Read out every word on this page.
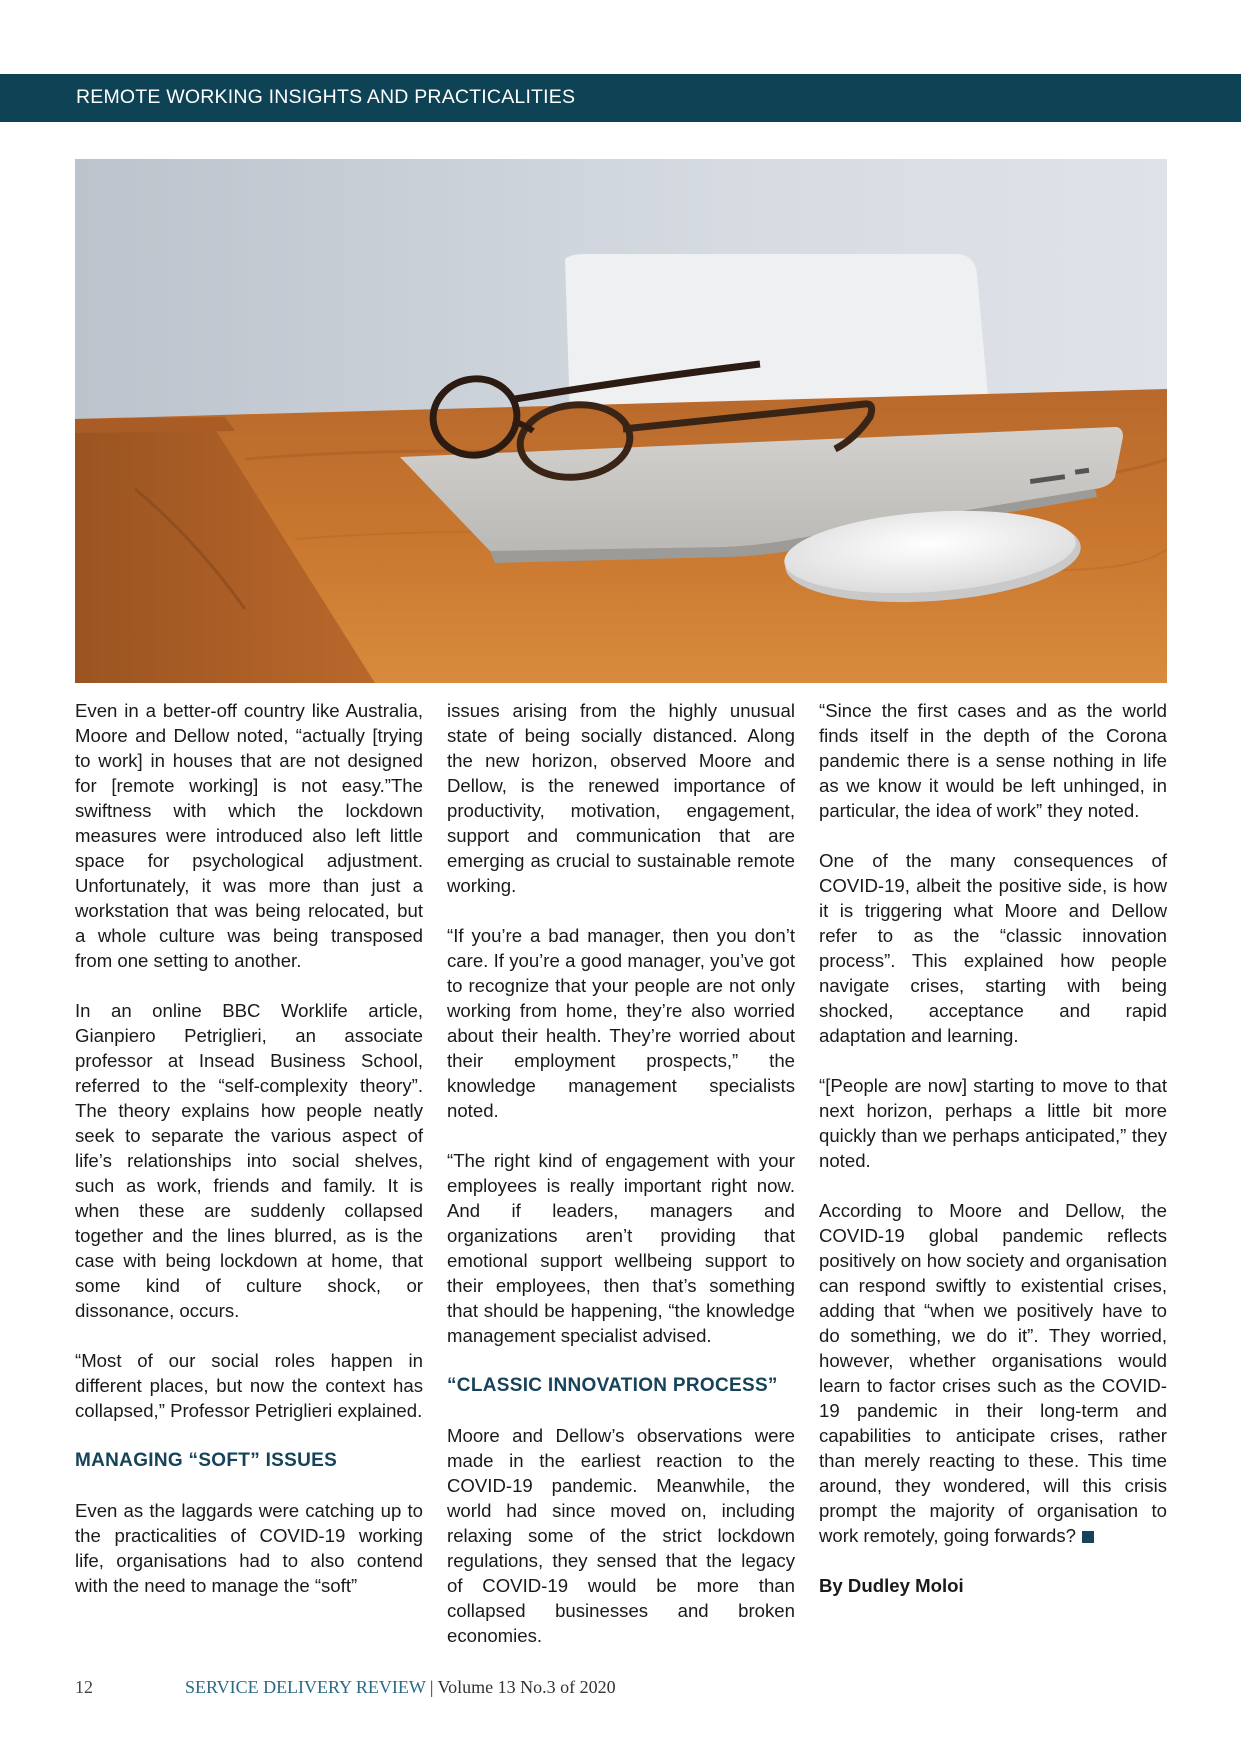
REMOTE WORKING INSIGHTS AND PRACTICALITIES

Even in a better-off country like Australia, Moore and Dellow noted, “actually [trying to work] in houses that are not designed for [remote working] is not easy.”The swiftness with which the lockdown measures were introduced also left little space for psychological adjustment. Unfortunately, it was more than just a workstation that was being relocated, but a whole culture was being transposed from one setting to another.

In an online BBC Worklife article, Gianpiero Petriglieri, an associate professor at Insead Business School, referred to the “self-complexity theory”. The theory explains how people neatly seek to separate the various aspect of life’s relationships into social shelves, such as work, friends and family. It is when these are suddenly collapsed together and the lines blurred, as is the case with being lockdown at home, that some kind of culture shock, or dissonance, occurs.

“Most of our social roles happen in different places, but now the context has collapsed,” Professor Petriglieri explained.

MANAGING “SOFT” ISSUES

Even as the laggards were catching up to the practicalities of COVID-19 working life, organisations had to also contend with the need to manage the “soft”

issues arising from the highly unusual state of being socially distanced. Along the new horizon, observed Moore and Dellow, is the renewed importance of productivity, motivation, engagement, support and communication that are emerging as crucial to sustainable remote working.

“If you’re a bad manager, then you don’t care. If you’re a good manager, you’ve got to recognize that your people are not only working from home, they’re also worried about their health. They’re worried about their employment prospects,” the knowledge management specialists noted.

“The right kind of engagement with your employees is really important right now. And if leaders, managers and organizations aren’t providing that emotional support wellbeing support to their employees, then that’s something that should be happening, “the knowledge management specialist advised.

“CLASSIC INNOVATION PROCESS”

Moore and Dellow’s observations were made in the earliest reaction to the COVID-19 pandemic. Meanwhile, the world had since moved on, including relaxing some of the strict lockdown regulations, they sensed that the legacy of COVID-19 would be more than collapsed businesses and broken economies.

“Since the first cases and as the world finds itself in the depth of the Corona pandemic there is a sense nothing in life as we know it would be left unhinged, in particular, the idea of work” they noted.

One of the many consequences of COVID-19, albeit the positive side, is how it is triggering what Moore and Dellow refer to as the “classic innovation process”. This explained how people navigate crises, starting with being shocked, acceptance and rapid adaptation and learning.

“[People are now] starting to move to that next horizon, perhaps a little bit more quickly than we perhaps anticipated,” they noted.

According to Moore and Dellow, the COVID-19 global pandemic reflects positively on how society and organisation can respond swiftly to existential crises, adding that “when we positively have to do something, we do it”. They worried, however, whether organisations would learn to factor crises such as the COVID-19 pandemic in their long-term and capabilities to anticipate crises, rather than merely reacting to these. This time around, they wondered, will this crisis prompt the majority of organisation to work remotely, going forwards?

By Dudley Moloi
12	SERVICE DELIVERY REVIEW | Volume 13 No.3 of 2020
